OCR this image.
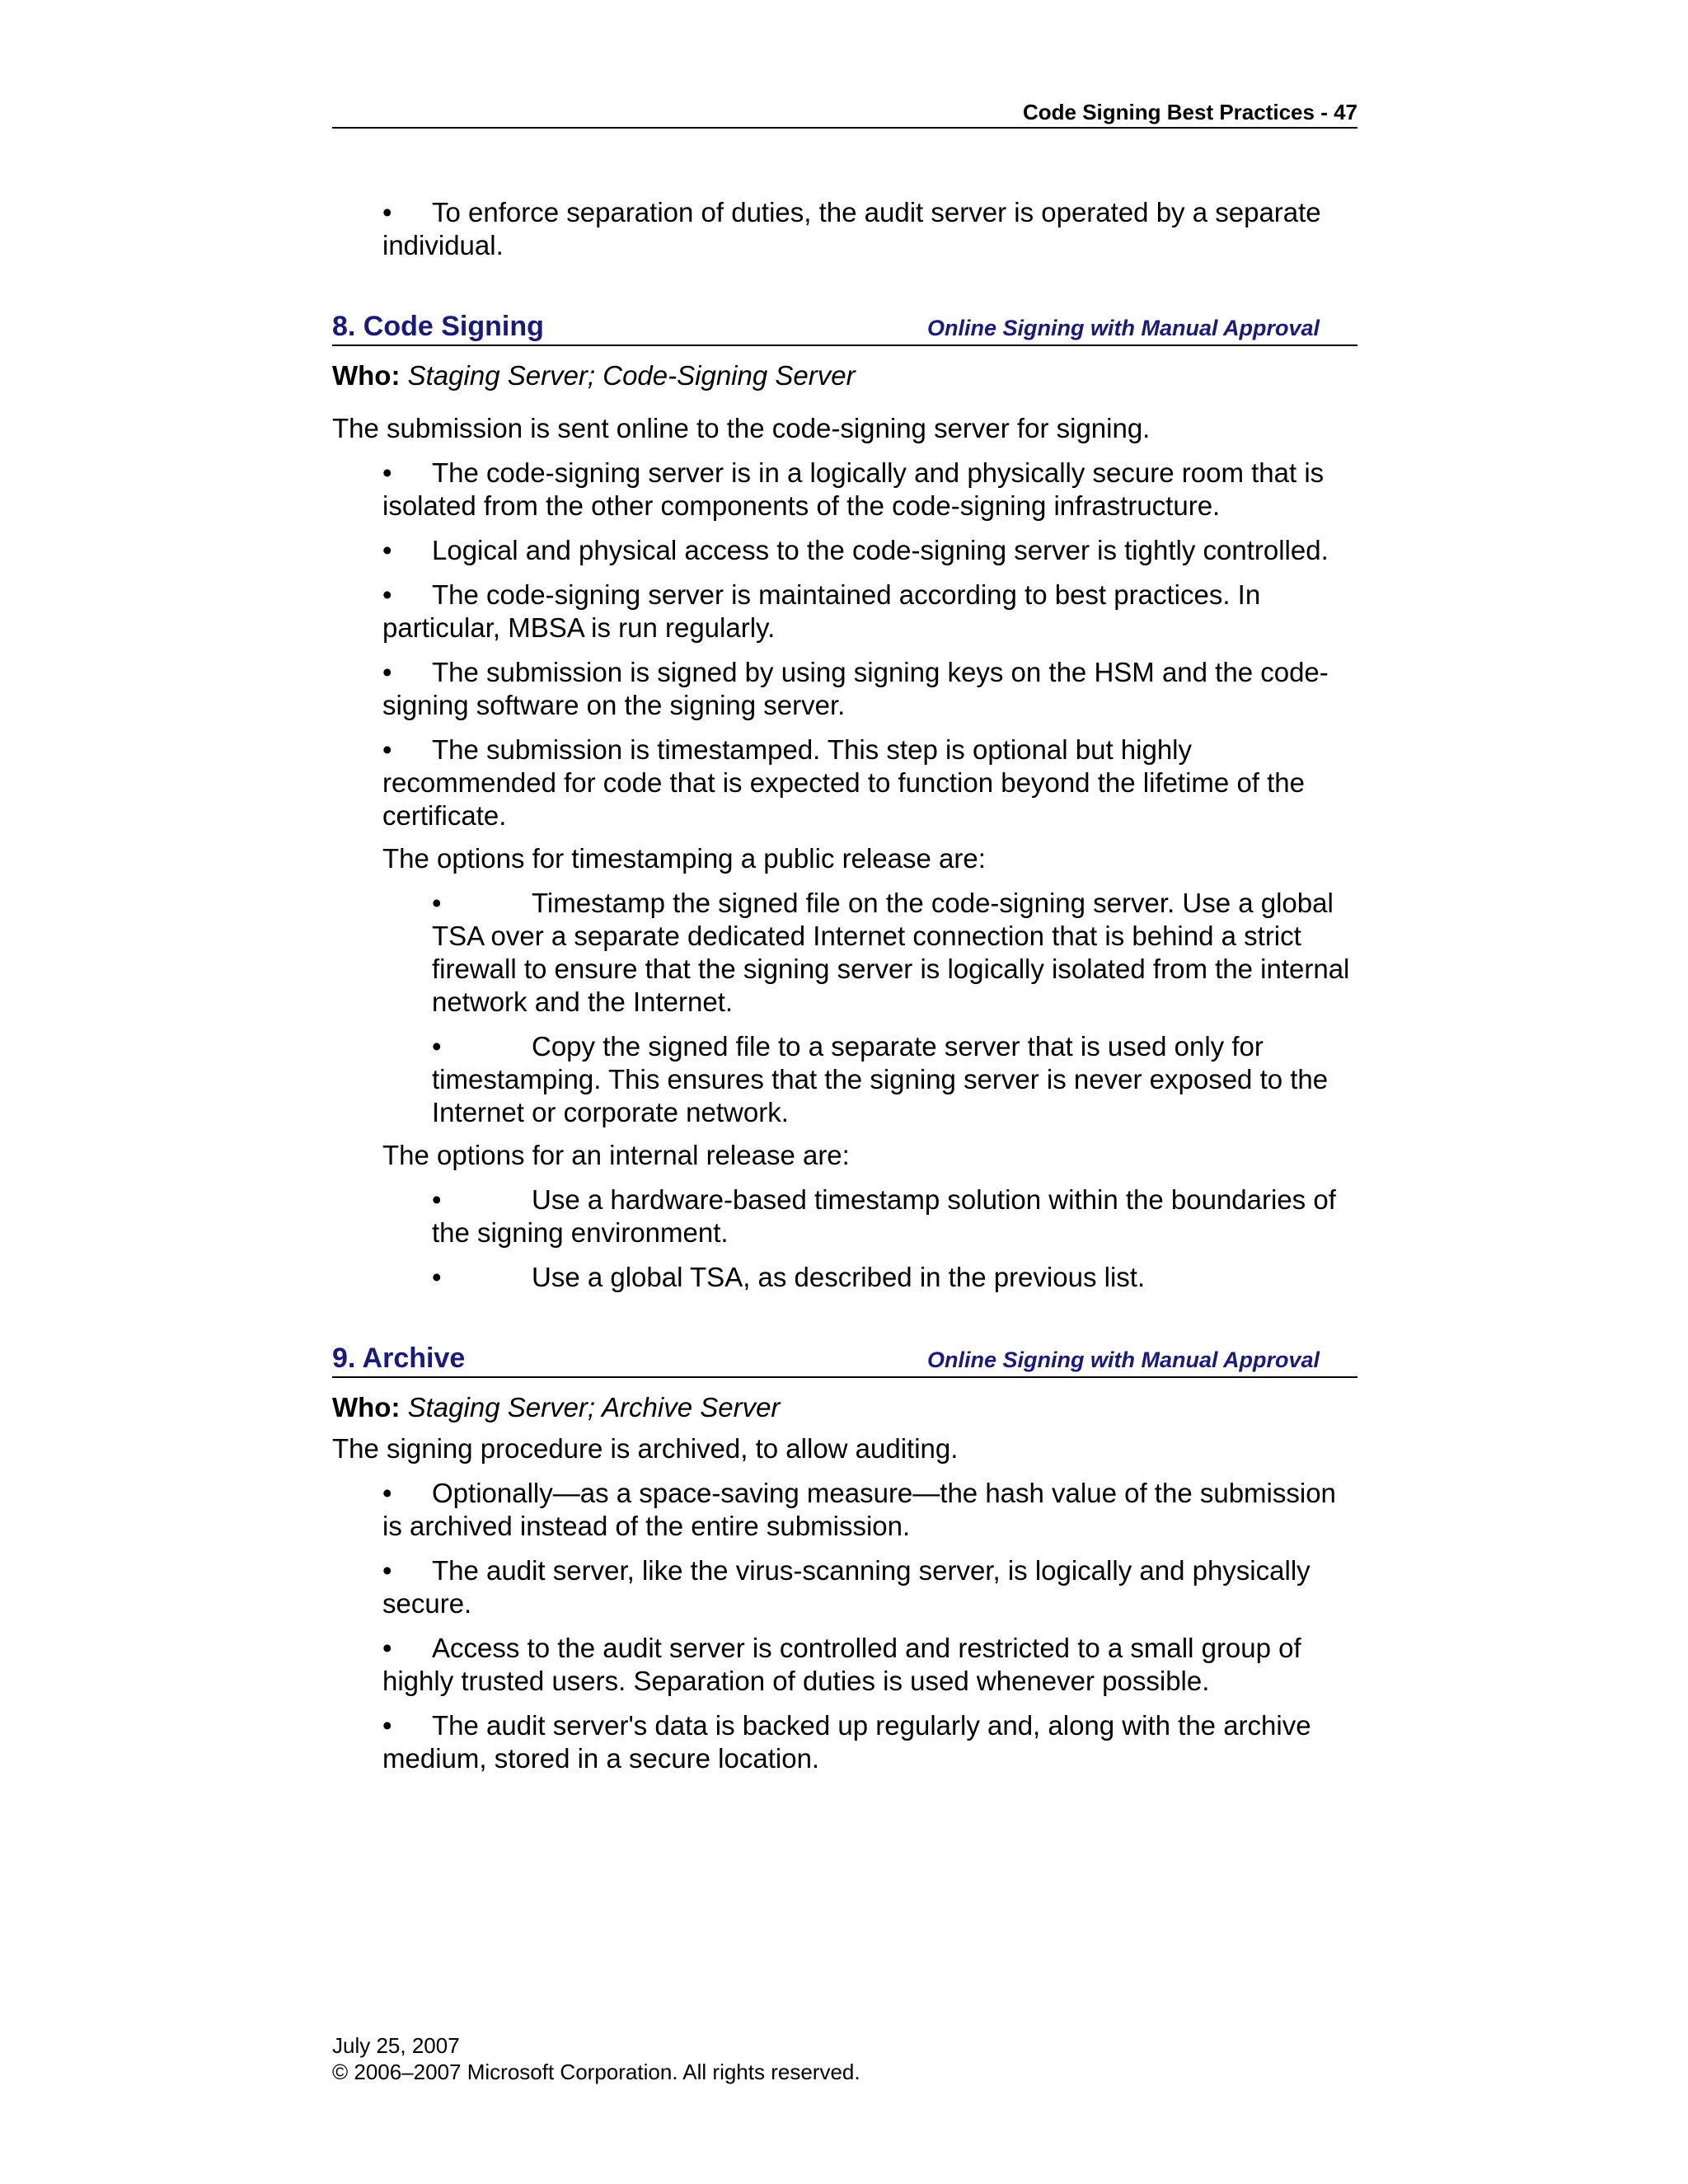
Code Signing Best Practices - 47
• To enforce separation of duties, the audit server is operated by a separate individual.
8. Code Signing	Online Signing with Manual Approval
Who: Staging Server; Code-Signing Server
The submission is sent online to the code-signing server for signing.
• The code-signing server is in a logically and physically secure room that is isolated from the other components of the code-signing infrastructure.
• Logical and physical access to the code-signing server is tightly controlled.
• The code-signing server is maintained according to best practices. In particular, MBSA is run regularly.
• The submission is signed by using signing keys on the HSM and the code-signing software on the signing server.
• The submission is timestamped. This step is optional but highly recommended for code that is expected to function beyond the lifetime of the certificate.
The options for timestamping a public release are:
•	Timestamp the signed file on the code-signing server. Use a global TSA over a separate dedicated Internet connection that is behind a strict firewall to ensure that the signing server is logically isolated from the internal network and the Internet.
•	Copy the signed file to a separate server that is used only for timestamping. This ensures that the signing server is never exposed to the Internet or corporate network.
The options for an internal release are:
•	Use a hardware-based timestamp solution within the boundaries of the signing environment.
•	Use a global TSA, as described in the previous list.
9. Archive	Online Signing with Manual Approval
Who: Staging Server; Archive Server
The signing procedure is archived, to allow auditing.
• Optionally—as a space-saving measure—the hash value of the submission is archived instead of the entire submission.
• The audit server, like the virus-scanning server, is logically and physically secure.
• Access to the audit server is controlled and restricted to a small group of highly trusted users. Separation of duties is used whenever possible.
• The audit server's data is backed up regularly and, along with the archive medium, stored in a secure location.
July 25, 2007
© 2006–2007 Microsoft Corporation. All rights reserved.
